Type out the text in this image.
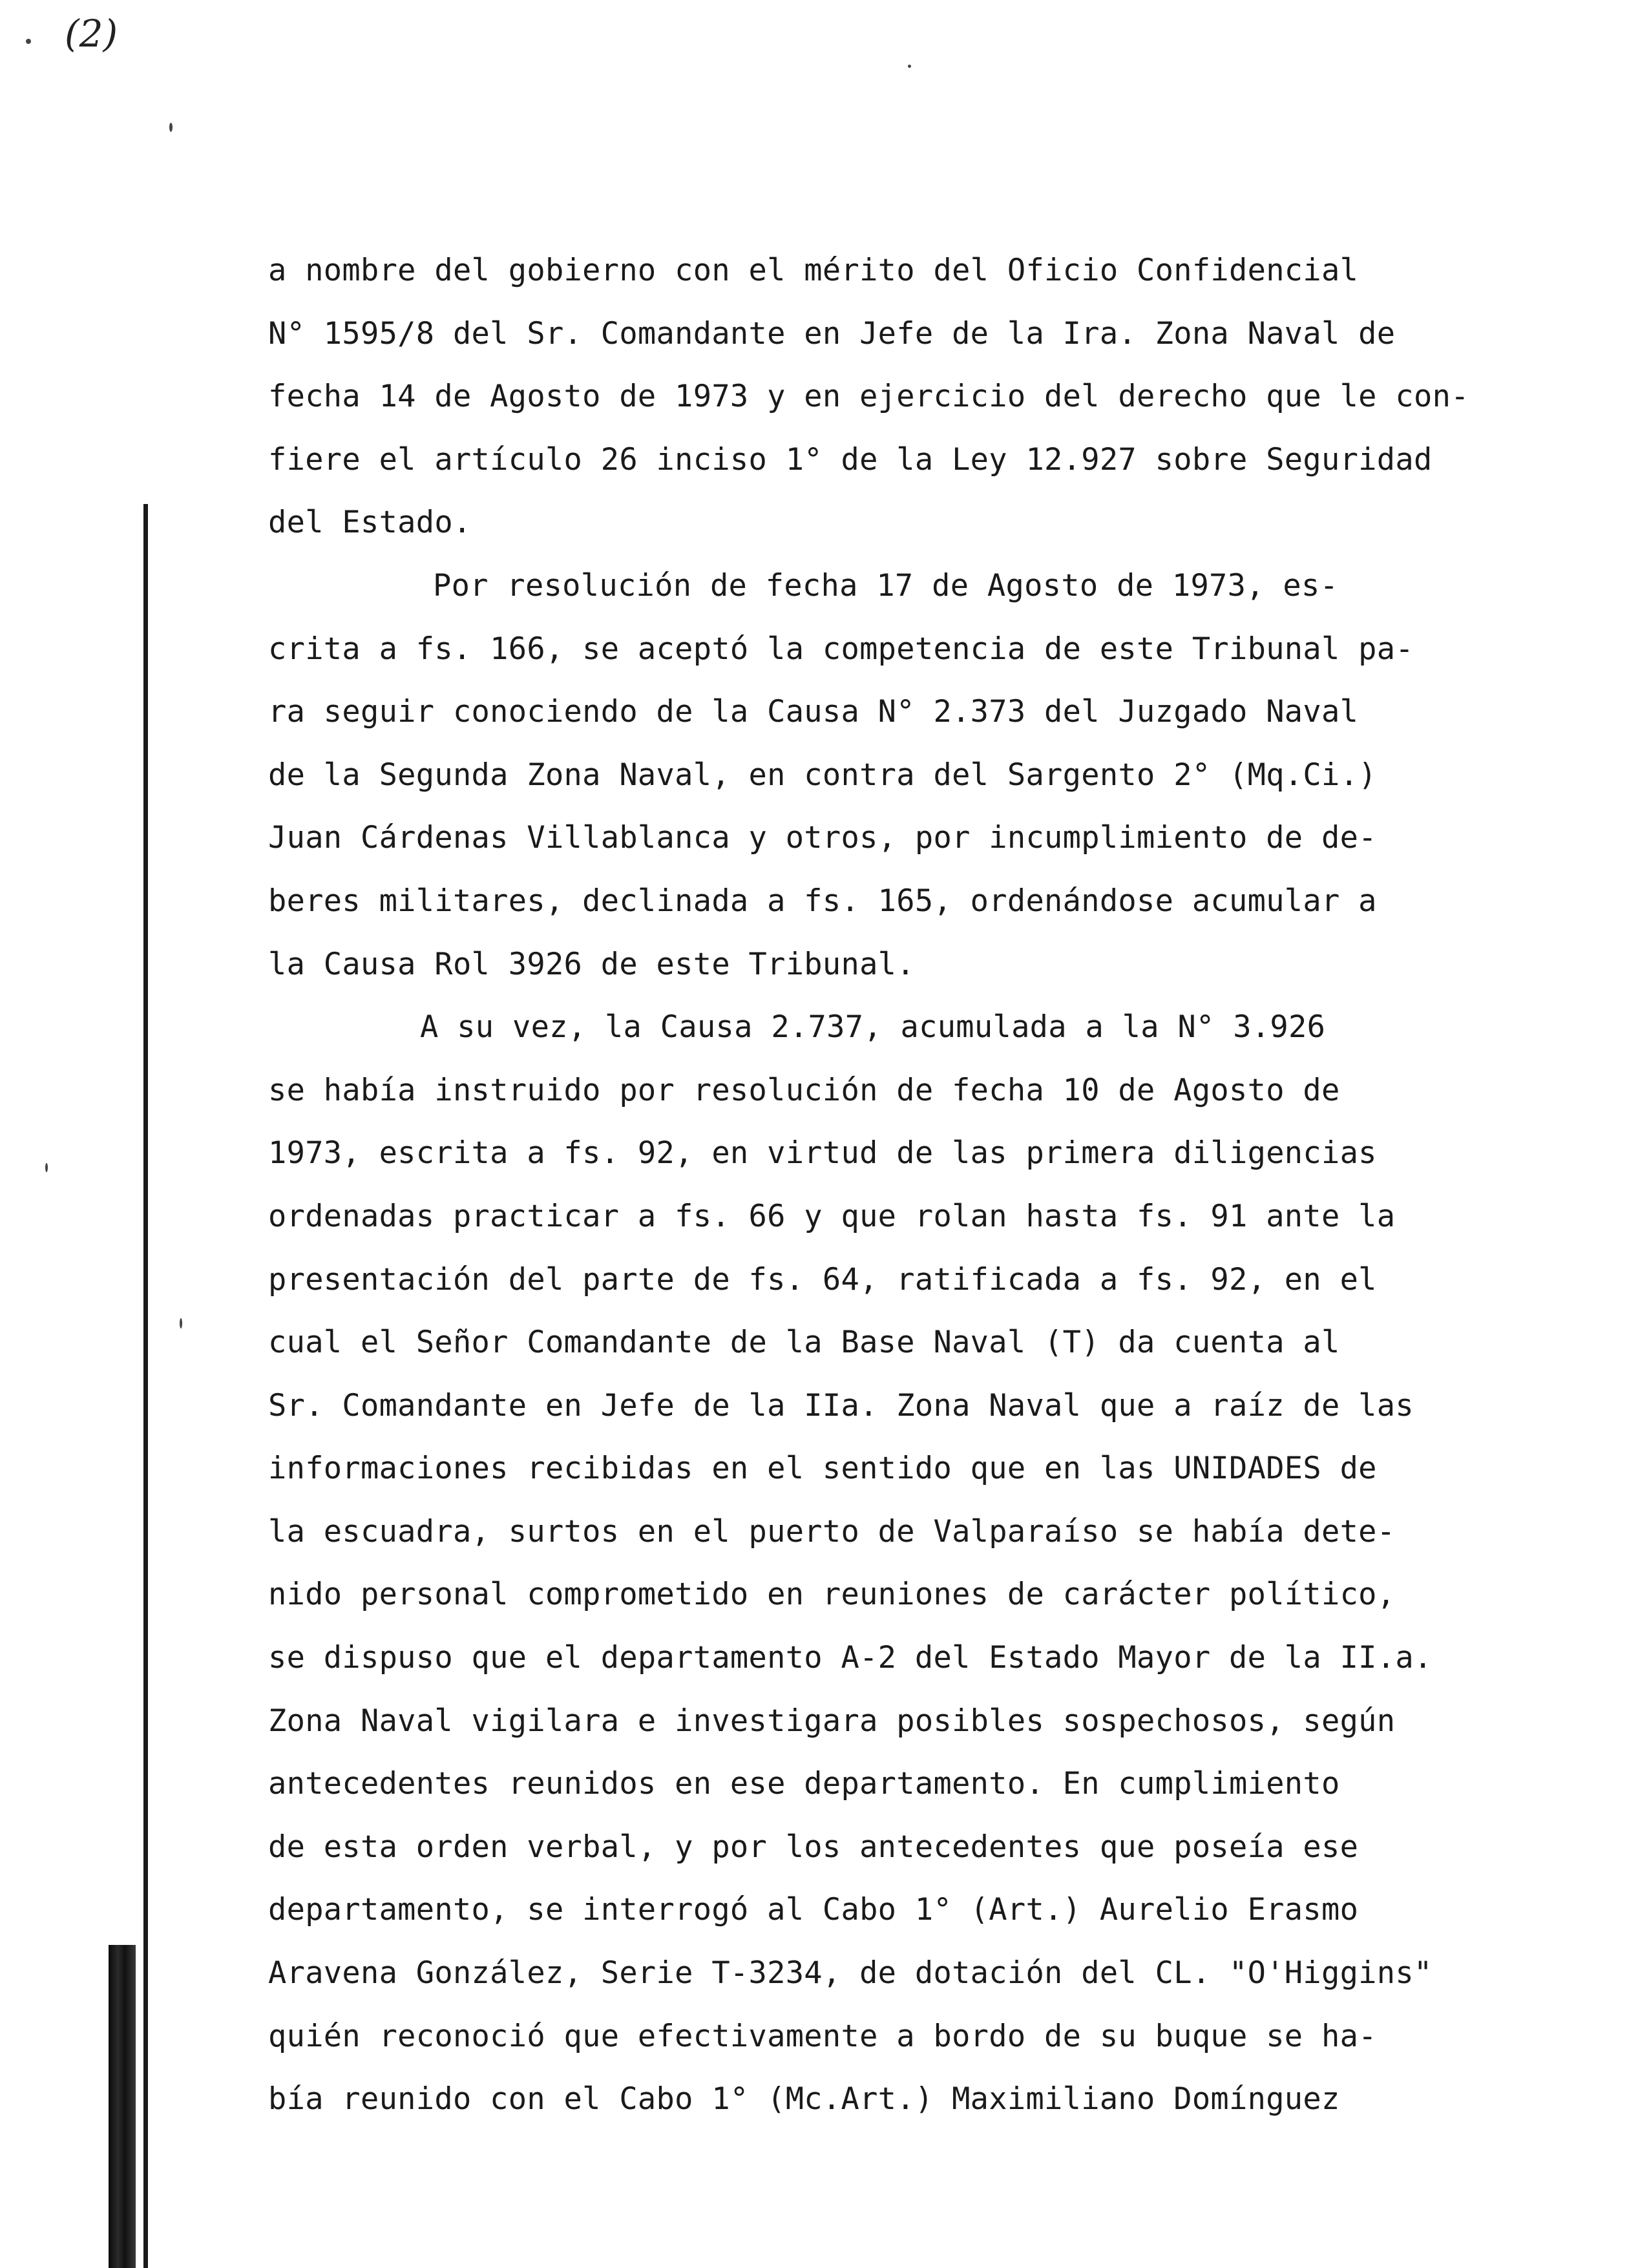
(2)
a nombre del gobierno con el mérito del Oficio Confidencial
N° 1595/8 del Sr. Comandante en Jefe de la Ira. Zona Naval de
fecha 14 de Agosto de 1973 y en ejercicio del derecho que le con-
fiere el artículo 26 inciso 1° de la Ley 12.927 sobre Seguridad
del Estado.
Por resolución de fecha 17 de Agosto de 1973, es-
crita a fs. 166, se aceptó la competencia de este Tribunal pa-
ra seguir conociendo de la Causa N° 2.373 del Juzgado Naval
de la Segunda Zona Naval, en contra del Sargento 2° (Mq.Ci.)
Juan Cárdenas Villablanca y otros, por incumplimiento de de-
beres militares, declinada a fs. 165, ordenándose acumular a
la Causa Rol 3926 de este Tribunal.
A su vez, la Causa 2.737, acumulada a la N° 3.926
se había instruido por resolución de fecha 10 de Agosto de
1973, escrita a fs. 92, en virtud de las primera diligencias
ordenadas practicar a fs. 66 y que rolan hasta fs. 91 ante la
presentación del parte de fs. 64, ratificada a fs. 92, en el
cual el Señor Comandante de la Base Naval (T) da cuenta al
Sr. Comandante en Jefe de la IIa. Zona Naval que a raíz de las
informaciones recibidas en el sentido que en las UNIDADES de
la escuadra, surtos en el puerto de Valparaíso se había dete-
nido personal comprometido en reuniones de carácter político,
se dispuso que el departamento A-2 del Estado Mayor de la II.a.
Zona Naval vigilara e investigara posibles sospechosos, según
antecedentes reunidos en ese departamento. En cumplimiento
de esta orden verbal, y por los antecedentes que poseía ese
departamento, se interrogó al Cabo 1° (Art.) Aurelio Erasmo
Aravena González, Serie T-3234, de dotación del CL. "O'Higgins"
quién reconoció que efectivamente a bordo de su buque se ha-
bía reunido con el Cabo 1° (Mc.Art.) Maximiliano Domínguez
